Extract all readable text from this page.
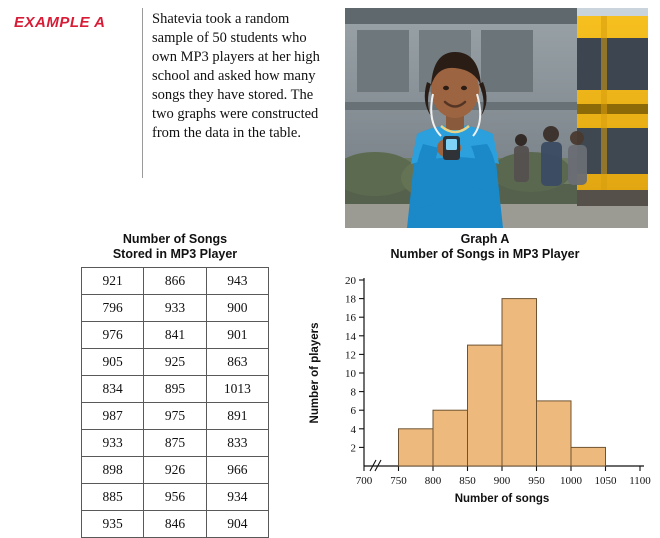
EXAMPLE A	Shatevia took a random sample of 50 students who own MP3 players at her high school and asked how many songs they have stored. The two graphs were constructed from the data in the table.
Number of Songs
Stored in MP3 Player
921	866	943
796	933	900
976	841	901
905	925	863
834	895	1013
987	975	891
933	875	833
898	926	966
885	956	934
935	846	904
Graph A
Number of Songs in MP3 Player
2
4
6
8
10
12
14
16
18
20
700 750 800 850 900 950 1000 1050 1100
Number of songs
Number of players
